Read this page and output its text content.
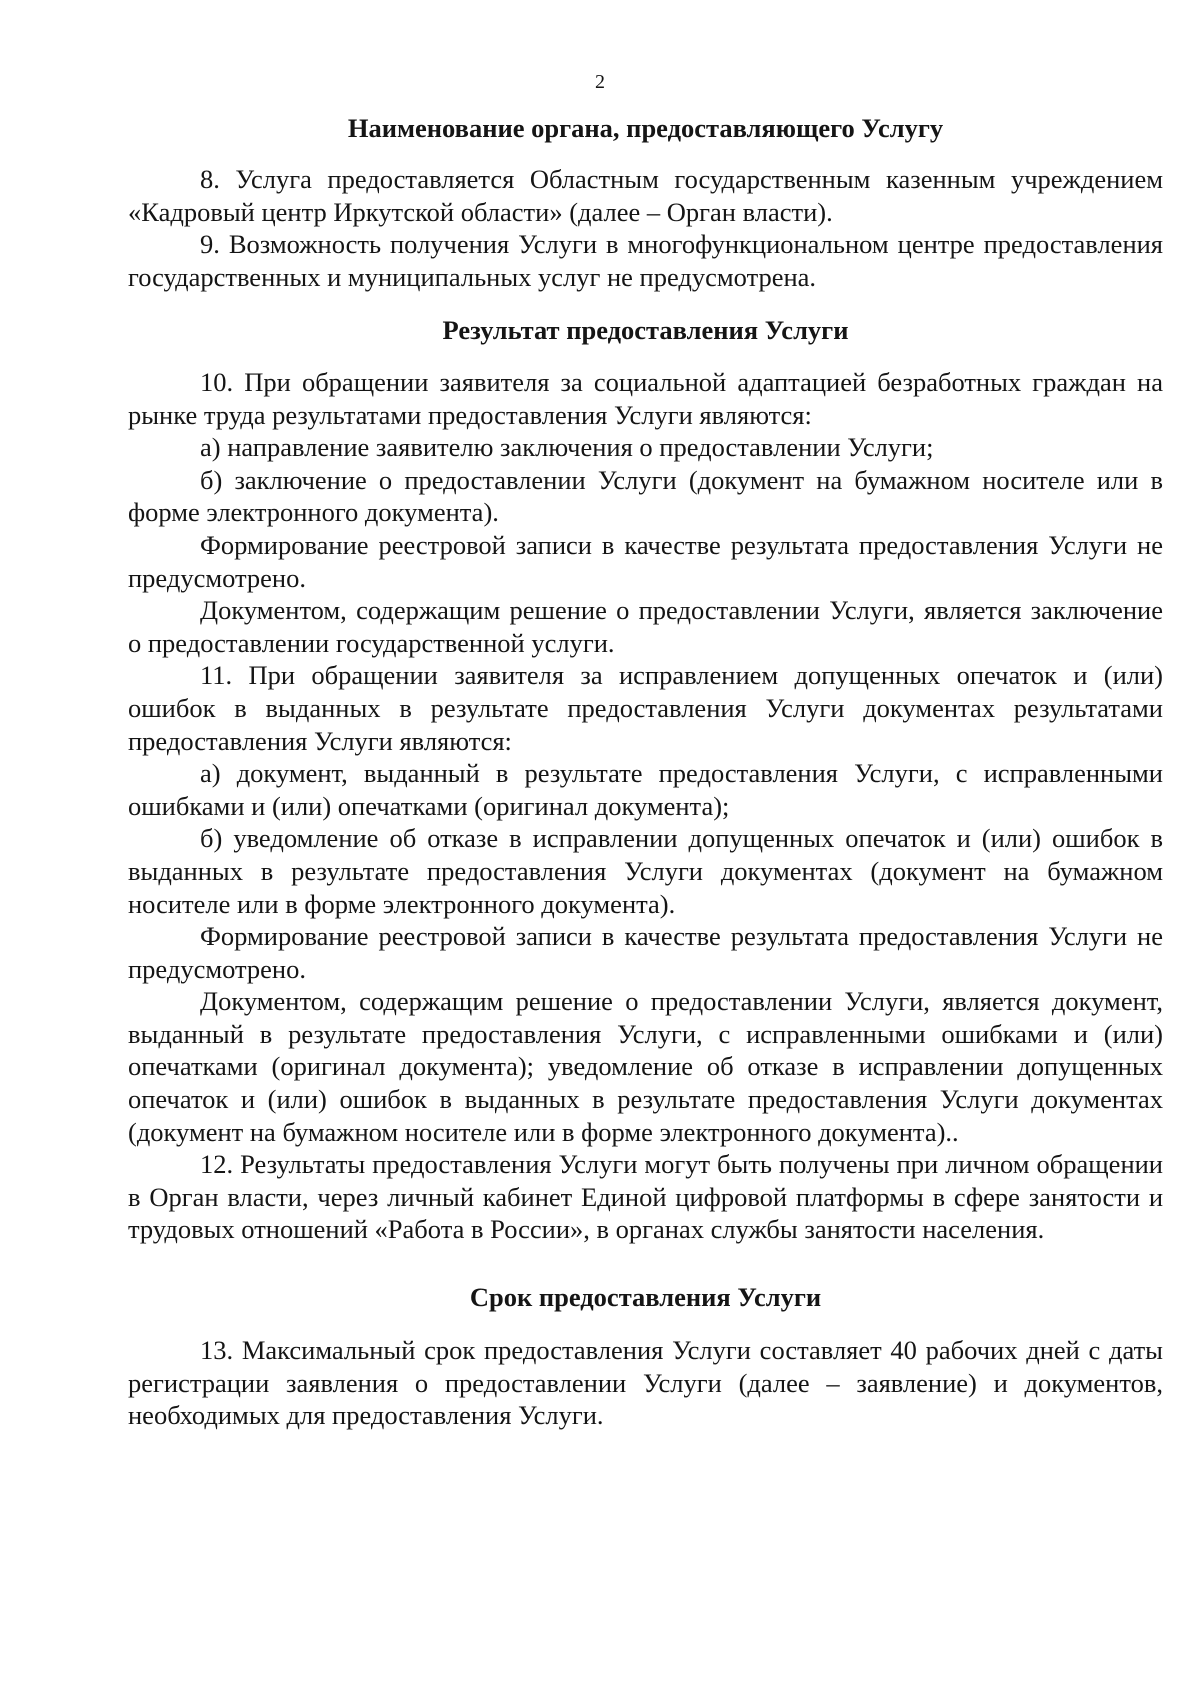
2
Наименование органа, предоставляющего Услугу

8. Услуга предоставляется Областным государственным казенным учреждением «Кадровый центр Иркутской области» (далее – Орган власти).

9. Возможность получения Услуги в многофункциональном центре предоставления государственных и муниципальных услуг не предусмотрена.

Результат предоставления Услуги

10. При обращении заявителя за социальной адаптацией безработных граждан на рынке труда результатами предоставления Услуги являются:

а) направление заявителю заключения о предоставлении Услуги;

б) заключение о предоставлении Услуги (документ на бумажном носителе или в форме электронного документа).

Формирование реестровой записи в качестве результата предоставления Услуги не предусмотрено.

Документом, содержащим решение о предоставлении Услуги, является заключение о предоставлении государственной услуги.

11. При обращении заявителя за исправлением допущенных опечаток и (или) ошибок в выданных в результате предоставления Услуги документах результатами предоставления Услуги являются:

а) документ, выданный в результате предоставления Услуги, с исправленными ошибками и (или) опечатками (оригинал документа);

б) уведомление об отказе в исправлении допущенных опечаток и (или) ошибок в выданных в результате предоставления Услуги документах (документ на бумажном носителе или в форме электронного документа).

Формирование реестровой записи в качестве результата предоставления Услуги не предусмотрено.

Документом, содержащим решение о предоставлении Услуги, является документ, выданный в результате предоставления Услуги, с исправленными ошибками и (или) опечатками (оригинал документа); уведомление об отказе в исправлении допущенных опечаток и (или) ошибок в выданных в результате предоставления Услуги документах (документ на бумажном носителе или в форме электронного документа)..

12. Результаты предоставления Услуги могут быть получены при личном обращении в Орган власти, через личный кабинет Единой цифровой платформы в сфере занятости и трудовых отношений «Работа в России», в органах службы занятости населения.

Срок предоставления Услуги

13. Максимальный срок предоставления Услуги составляет 40 рабочих дней с даты регистрации заявления о предоставлении Услуги (далее – заявление) и документов, необходимых для предоставления Услуги.
